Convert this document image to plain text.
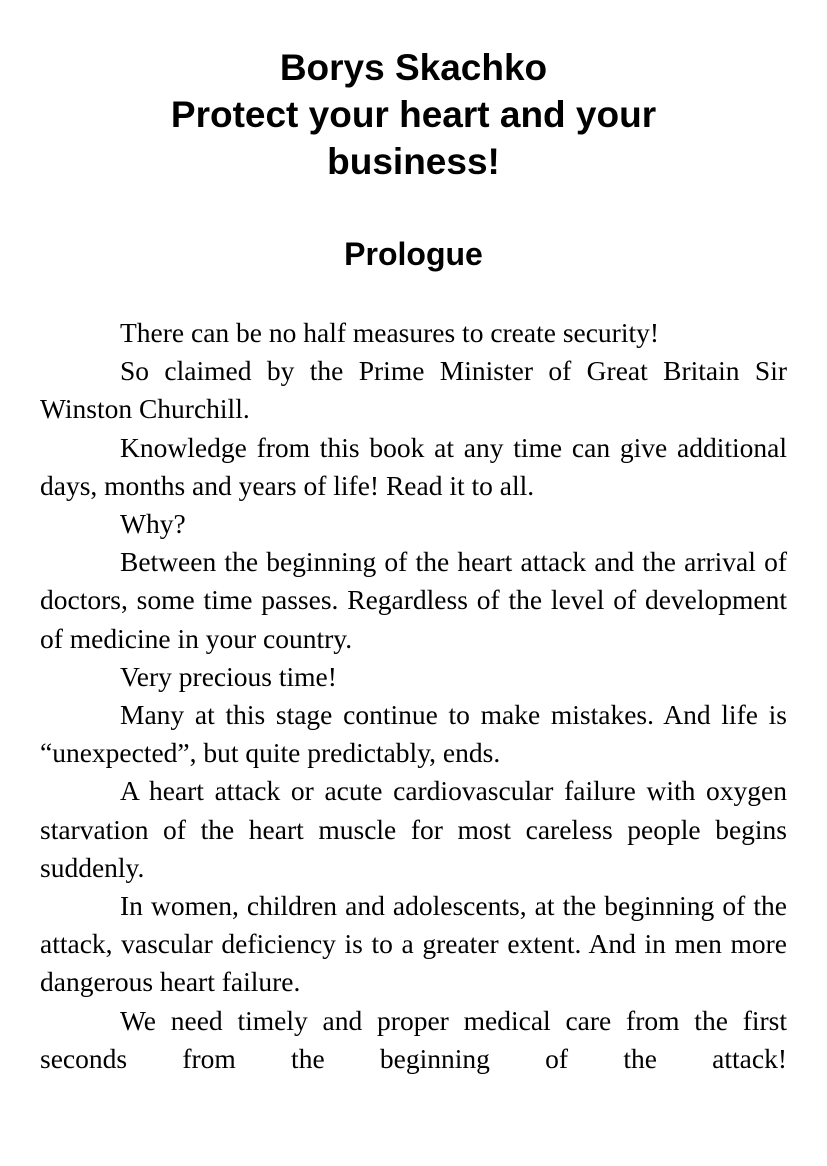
Borys Skachko
Protect your heart and your
business!
Prologue

There can be no half measures to create security!

So claimed by the Prime Minister of Great Britain Sir Winston Churchill.

Knowledge from this book at any time can give additional days, months and years of life! Read it to all.

Why?

Between the beginning of the heart attack and the arrival of doctors, some time passes. Regardless of the level of development of medicine in your country.

Very precious time!

Many at this stage continue to make mistakes. And life is “unexpected”, but quite predictably, ends.

A heart attack or acute cardiovascular failure with oxygen starvation of the heart muscle for most careless people begins suddenly.

In women, children and adolescents, at the beginning of the attack, vascular deficiency is to a greater extent. And in men more dangerous heart failure.

We need timely and proper medical care from the first seconds from the beginning of the attack!
